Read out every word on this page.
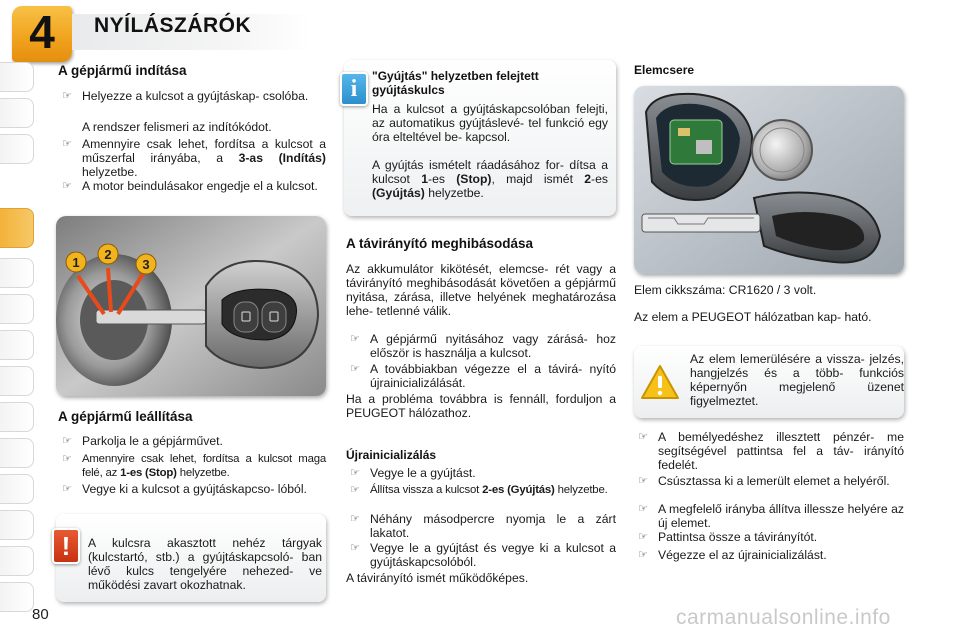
4	NYÍLÁSZÁRÓK
A gépjármű indítása
☞ Helyezze a kulcsot a gyújtáskap- csolóba.
A rendszer felismeri az indítókódot.
☞ Amennyire csak lehet, fordítsa a kulcsot a műszerfal irányába, a 3-as (Indítás) helyzetbe.
☞ A motor beindulásakor engedje el a kulcsot.
1
2
3
A gépjármű leállítása
☞ Parkolja le a gépjárművet.
☞ Amennyire csak lehet, fordítsa a kulcsot maga felé, az 1-es (Stop) helyzetbe.
☞ Vegye ki a kulcsot a gyújtáskapcso- lóból.
!	A kulcsra akasztott nehéz tárgyak (kulcstartó, stb.) a gyújtáskapcsoló- ban lévő kulcs tengelyére nehezed- ve működési zavart okozhatnak.
i	"Gyújtás" helyzetben felejtett gyújtáskulcs
Ha a kulcsot a gyújtáskapcsolóban felejti, az automatikus gyújtáslevé- tel funkció egy óra elteltével be- kapcsol.
A gyújtás ismételt ráadásához for- dítsa a kulcsot 1-es (Stop), majd ismét 2-es (Gyújtás) helyzetbe.
A távirányító meghibásodása
Az akkumulátor kikötését, elemcse- rét vagy a távirányító meghibásodását követően a gépjármű nyitása, zárása, illetve helyének meghatározása lehe- tetlenné válik.
☞ A gépjármű nyitásához vagy zárásá- hoz először is használja a kulcsot.
☞ A továbbiakban végezze el a távirá- nyító újrainicializálását.
Ha a probléma továbbra is fennáll, forduljon a PEUGEOT hálózathoz.
Újrainicializálás
☞ Vegye le a gyújtást.
☞ Állítsa vissza a kulcsot 2-es (Gyújtás) helyzetbe.
☞ Néhány másodpercre nyomja le a zárt lakatot.
☞ Vegye le a gyújtást és vegye ki a kulcsot a gyújtáskapcsolóból.
A távirányító ismét működőképes.
Elemcsere
Elem cikkszáma: CR1620 / 3 volt.
Az elem a PEUGEOT hálózatban kap- ható.
Az elem lemerülésére a vissza- jelzés, hangjelzés és a több- funkciós képernyőn megjelenő üzenet figyelmeztet.
☞ A bemélyedéshez illesztett pénzér- me segítségével pattintsa fel a táv- irányító fedelét.
☞ Csúsztassa ki a lemerült elemet a helyéről.
☞ A megfelelő irányba állítva illessze helyére az új elemet.
☞ Pattintsa össze a távirányítót.
☞ Végezze el az újrainicializálást.
80	carmanualsonline.info
